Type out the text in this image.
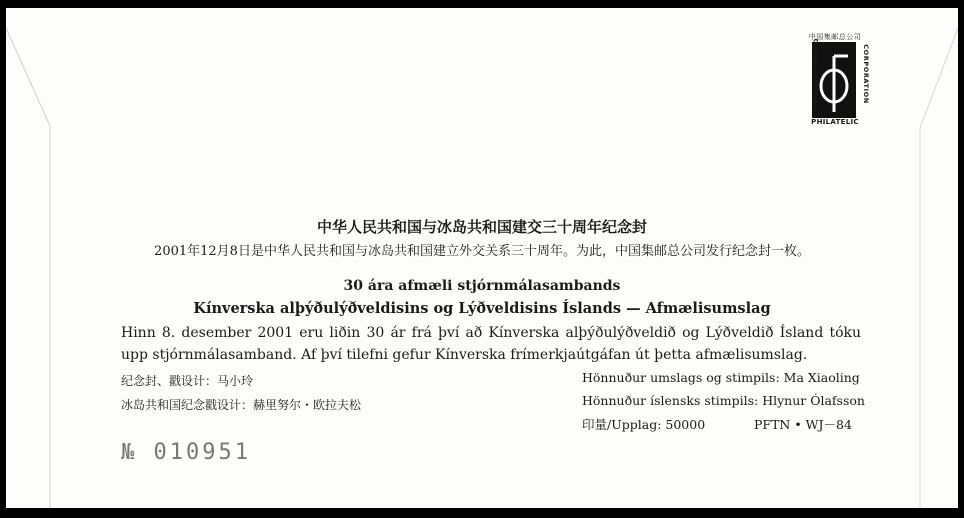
中国集邮总公司
CHINA NATIONAL	CORPORATION
PHILATELIC
中华人民共和国与冰岛共和国建交三十周年纪念封
2001年12月8日是中华人民共和国与冰岛共和国建立外交关系三十周年。为此，中国集邮总公司发行纪念封一枚。
30 ára afmæli stjórnmálasambands
Kínverska alþýðulýðveldisins og Lýðveldisins Íslands — Afmælisumslag
Hinn 8. desember 2001 eru liðin 30 ár frá því að Kínverska alþýðulýðveldið og Lýðveldið Ísland tóku upp stjórnmálasamband. Af því tilefni gefur Kínverska frímerkjaútgáfan út þetta afmælisumslag.
纪念封、戳设计：马小玲
冰岛共和国纪念戳设计：赫里努尔・欧拉夫松
Hönnuður umslags og stimpils: Ma Xiaoling
Hönnuður íslensks stimpils: Hlynur Ólafsson
印量/Upplag: 50000	PFTN • WJ－84
№ 010951
